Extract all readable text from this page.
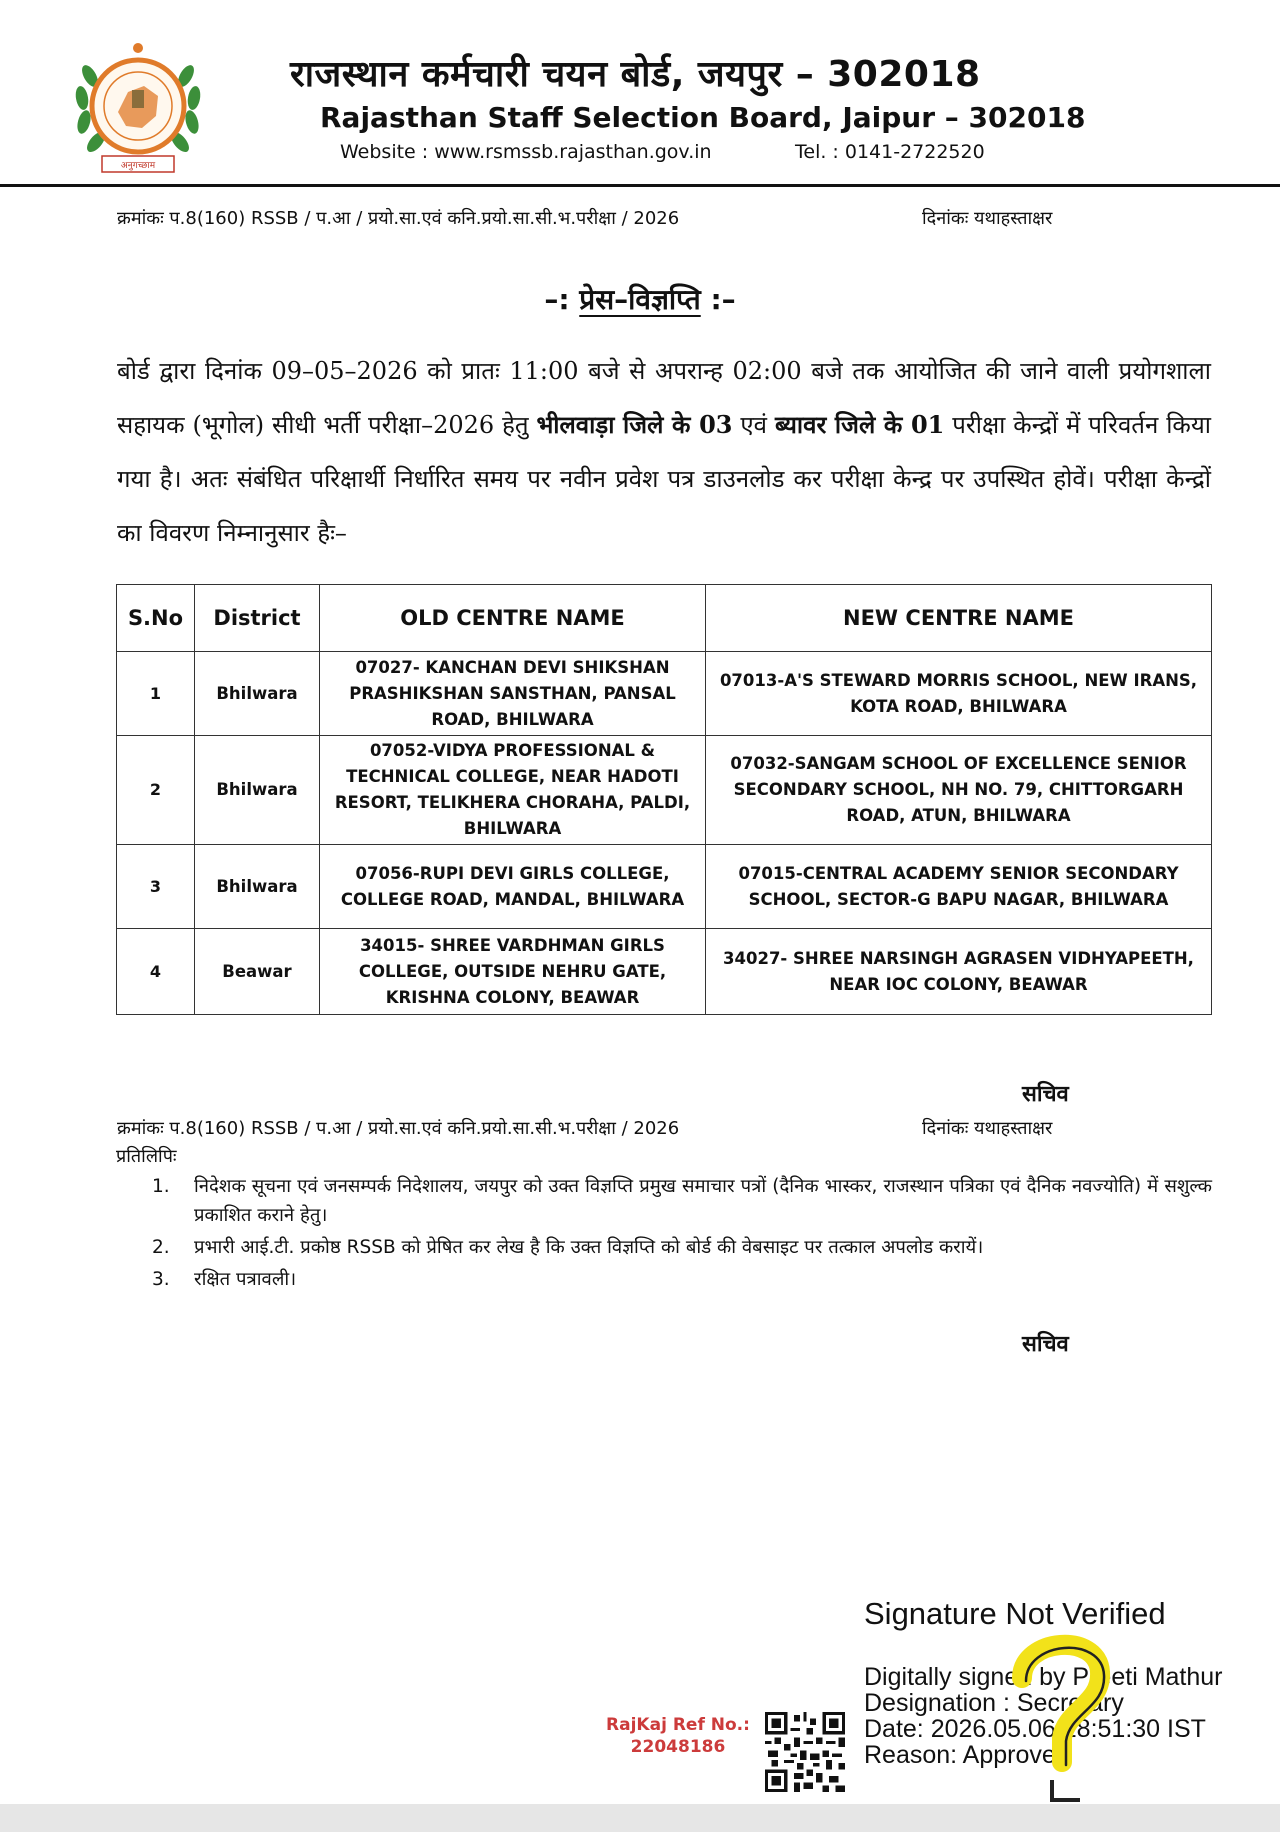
अनुगच्छाम
राजस्थान कर्मचारी चयन बोर्ड, जयपुर – 302018
Rajasthan Staff Selection Board, Jaipur – 302018
Website : www.rsmssb.rajasthan.gov.in	Tel. : 0141-2722520
क्रमांकः प.8(160) RSSB / प.आ / प्रयो.सा.एवं कनि.प्रयो.सा.सी.भ.परीक्षा / 2026	दिनांकः यथाहस्ताक्षर
–: प्रेस–विज्ञप्ति :–
बोर्ड द्वारा दिनांक 09–05–2026 को प्रातः 11:00 बजे से अपरान्ह 02:00 बजे तक आयोजित की जाने वाली प्रयोगशाला सहायक (भूगोल) सीधी भर्ती परीक्षा–2026 हेतु भीलवाड़ा जिले के 03 एवं ब्यावर जिले के 01 परीक्षा केन्द्रों में परिवर्तन किया गया है। अतः संबंधित परिक्षार्थी निर्धारित समय पर नवीन प्रवेश पत्र डाउनलोड कर परीक्षा केन्द्र पर उपस्थित होवें। परीक्षा केन्द्रों का विवरण निम्नानुसार हैः–
S.No	District	OLD CENTRE NAME	NEW CENTRE NAME
1	Bhilwara	07027- KANCHAN DEVI SHIKSHAN PRASHIKSHAN SANSTHAN, PANSAL ROAD, BHILWARA	07013-A'S STEWARD MORRIS SCHOOL, NEW IRANS, KOTA ROAD, BHILWARA
2	Bhilwara	07052-VIDYA PROFESSIONAL & TECHNICAL COLLEGE, NEAR HADOTI RESORT, TELIKHERA CHORAHA, PALDI, BHILWARA	07032-SANGAM SCHOOL OF EXCELLENCE SENIOR SECONDARY SCHOOL, NH NO. 79, CHITTORGARH ROAD, ATUN, BHILWARA
3	Bhilwara	07056-RUPI DEVI GIRLS COLLEGE, COLLEGE ROAD, MANDAL, BHILWARA	07015-CENTRAL ACADEMY SENIOR SECONDARY SCHOOL, SECTOR-G BAPU NAGAR, BHILWARA
4	Beawar	34015- SHREE VARDHMAN GIRLS COLLEGE, OUTSIDE NEHRU GATE, KRISHNA COLONY, BEAWAR	34027- SHREE NARSINGH AGRASEN VIDHYAPEETH, NEAR IOC COLONY, BEAWAR
सचिव
क्रमांकः प.8(160) RSSB / प.आ / प्रयो.सा.एवं कनि.प्रयो.सा.सी.भ.परीक्षा / 2026	दिनांकः यथाहस्ताक्षर
प्रतिलिपिः
1. निदेशक सूचना एवं जनसम्पर्क निदेशालय, जयपुर को उक्त विज्ञप्ति प्रमुख समाचार पत्रों (दैनिक भास्कर, राजस्थान पत्रिका एवं दैनिक नवज्योति) में सशुल्क प्रकाशित कराने हेतु।
2. प्रभारी आई.टी. प्रकोष्ठ RSSB को प्रेषित कर लेख है कि उक्त विज्ञप्ति को बोर्ड की वेबसाइट पर तत्काल अपलोड करायें।
3. रक्षित पत्रावली।
सचिव
RajKaj Ref No.:
22048186
Signature Not Verified
Digitally signed by Preeti Mathur
Designation : Secretary
Date: 2026.05.06 18:51:30 IST
Reason: Approved
